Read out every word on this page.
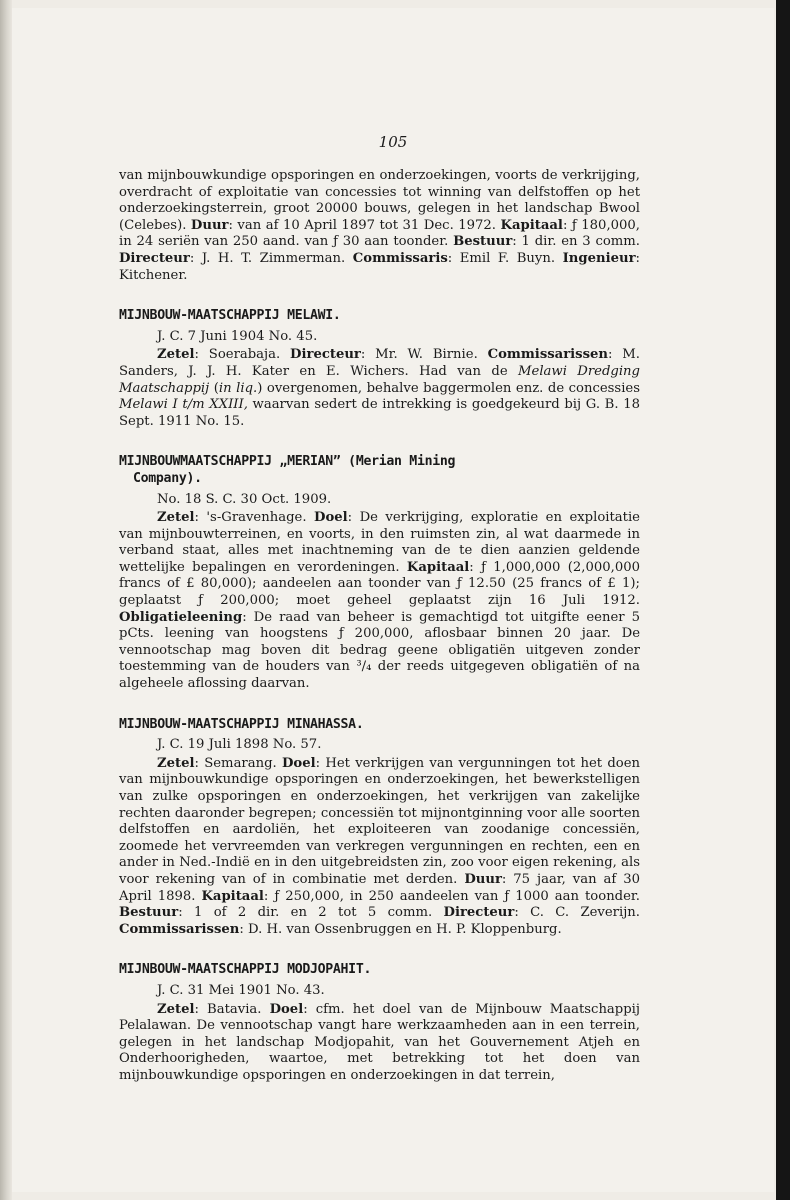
105

van mijnbouwkundige opsporingen en onderzoekingen, voorts de verkrijging, overdracht of exploitatie van concessies tot winning van delfstoffen op het onderzoekingsterrein, groot 20000 bouws, gelegen in het landschap Bwool (Celebes). Duur: van af 10 April 1897 tot 31 Dec. 1972. Kapitaal: ƒ 180,000, in 24 seriën van 250 aand. van ƒ 30 aan toonder. Bestuur: 1 dir. en 3 comm. Directeur: J. H. T. Zimmerman. Commissaris: Emil F. Buyn. Ingenieur: Kitchener.

MIJNBOUW-MAATSCHAPPIJ MELAWI.

J. C. 7 Juni 1904 No. 45.

Zetel: Soerabaja. Directeur: Mr. W. Birnie. Commissarissen: M. Sanders, J. J. H. Kater en E. Wichers. Had van de Melawi Dredging Maatschappij (in liq.) overgenomen, behalve baggermolen enz. de concessies Melawi I t/m XXIII, waarvan sedert de intrekking is goedgekeurd bij G. B. 18 Sept. 1911 No. 15.

MIJNBOUWMAATSCHAPPIJ „MERIAN” (Merian Mining
Company).

No. 18 S. C. 30 Oct. 1909.

Zetel: 's-Gravenhage. Doel: De verkrijging, exploratie en exploitatie van mijnbouwterreinen, en voorts, in den ruimsten zin, al wat daarmede in verband staat, alles met inachtneming van de te dien aanzien geldende wettelijke bepalingen en verordeningen. Kapitaal: ƒ 1,000,000 (2,000,000 francs of £ 80,000); aandeelen aan toonder van ƒ 12.50 (25 francs of £ 1); geplaatst ƒ 200,000; moet geheel geplaatst zijn 16 Juli 1912. Obligatieleening: De raad van beheer is gemachtigd tot uitgifte eener 5 pCts. leening van hoogstens ƒ 200,000, aflosbaar binnen 20 jaar. De vennootschap mag boven dit bedrag geene obligatiën uitgeven zonder toestemming van de houders van ³/₄ der reeds uitgegeven obligatiën of na algeheele aflossing daarvan.

MIJNBOUW-MAATSCHAPPIJ MINAHASSA.

J. C. 19 Juli 1898 No. 57.

Zetel: Semarang. Doel: Het verkrijgen van vergunningen tot het doen van mijnbouwkundige opsporingen en onderzoekingen, het bewerkstelligen van zulke opsporingen en onderzoekingen, het verkrijgen van zakelijke rechten daaronder begrepen; concessiën tot mijnontginning voor alle soorten delfstoffen en aardoliën, het exploiteeren van zoodanige concessiën, zoomede het vervreemden van verkregen vergunningen en rechten, een en ander in Ned.-Indië en in den uitgebreidsten zin, zoo voor eigen rekening, als voor rekening van of in combinatie met derden. Duur: 75 jaar, van af 30 April 1898. Kapitaal: ƒ 250,000, in 250 aandeelen van ƒ 1000 aan toonder. Bestuur: 1 of 2 dir. en 2 tot 5 comm. Directeur: C. C. Zeverijn. Commissarissen: D. H. van Ossenbruggen en H. P. Kloppenburg.

MIJNBOUW-MAATSCHAPPIJ MODJOPAHIT.

J. C. 31 Mei 1901 No. 43.

Zetel: Batavia. Doel: cfm. het doel van de Mijnbouw Maatschappij Pelalawan. De vennootschap vangt hare werkzaamheden aan in een terrein, gelegen in het landschap Modjopahit, van het Gouvernement Atjeh en Onderhoorigheden, waartoe, met betrekking tot het doen van mijnbouwkundige opsporingen en onderzoekingen in dat terrein,
